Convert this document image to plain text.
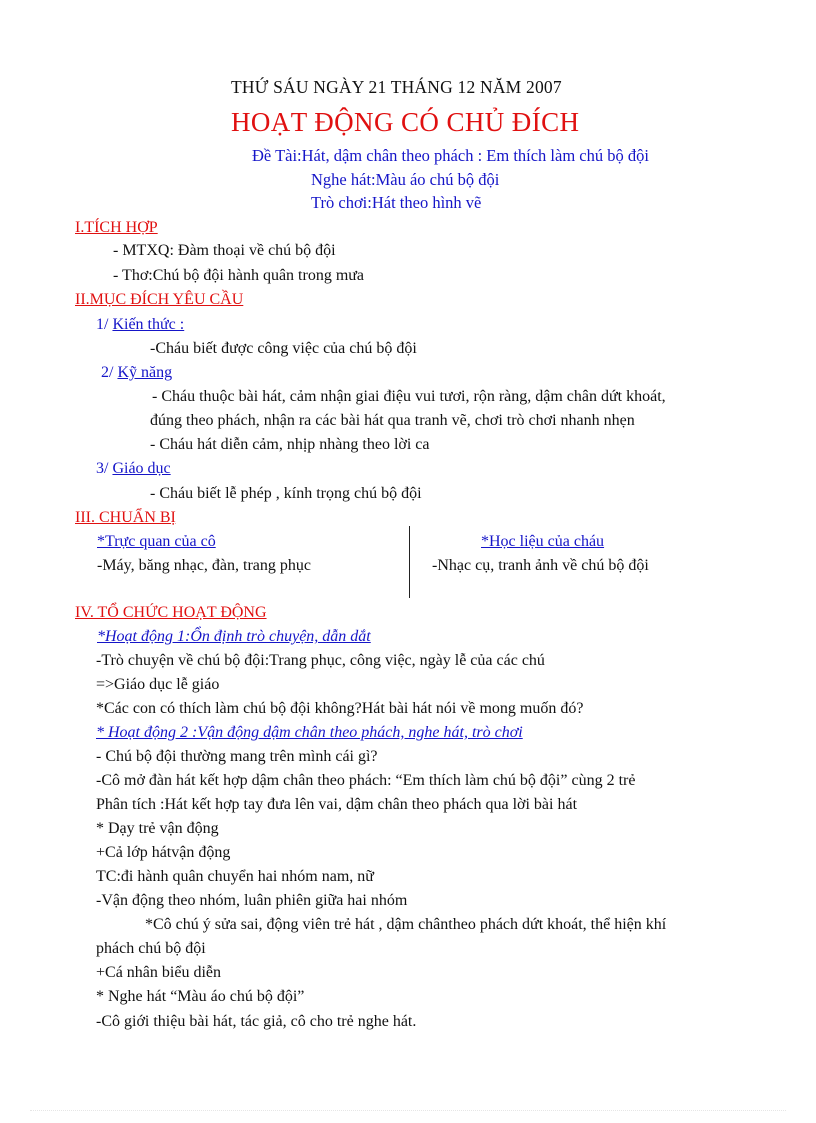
THỨ SÁU NGÀY 21 THÁNG 12 NĂM 2007
HOẠT ĐỘNG CÓ CHỦ ĐÍCH
Đề Tài:Hát, dậm chân theo phách : Em thích làm chú bộ đội
Nghe hát:Màu áo chú bộ đội
Trò chơi:Hát theo hình vẽ
I.TÍCH HỢP
- MTXQ: Đàm thoại về chú bộ đội
- Thơ:Chú bộ đội hành quân trong mưa
II.MỤC ĐÍCH YÊU CẦU
1/ Kiến thức :
-Cháu biết được công việc của chú bộ đội
2/ Kỹ năng
- Cháu thuộc bài hát, cảm nhận giai điệu vui tươi, rộn ràng, dậm chân dứt khoát,
đúng theo phách, nhận ra các bài hát qua tranh vẽ, chơi trò chơi nhanh nhẹn
- Cháu hát diễn cảm, nhịp nhàng theo lời ca
3/ Giáo dục
- Cháu biết lễ phép , kính trọng chú bộ đội
III. CHUẨN BỊ
*Trực quan của cô
-Máy, băng nhạc, đàn, trang phục
*Học liệu của cháu
-Nhạc cụ, tranh ảnh về chú bộ đội
IV. TỔ CHỨC HOẠT ĐỘNG
*Hoạt động 1:Ổn định trò chuyện, dẫn dắt
-Trò chuyện về chú bộ đội:Trang phục, công việc, ngày lễ của các chú
=>Giáo dục lễ giáo
*Các con có thích làm chú bộ đội không?Hát bài hát nói về mong muốn đó?
* Hoạt động 2 :Vận động dậm chân theo phách, nghe hát, trò chơi
- Chú bộ đội thường mang trên mình cái gì?
-Cô mở đàn hát kết hợp dậm chân theo phách: “Em thích làm chú bộ đội” cùng 2 trẻ
Phân tích :Hát kết hợp tay đưa lên vai, dậm chân theo phách qua lời bài hát
* Dạy trẻ vận động
+Cả lớp hátvận động
TC:đi hành quân chuyển hai nhóm nam, nữ
-Vận động theo nhóm, luân phiên giữa hai nhóm
*Cô chú ý sửa sai, động viên trẻ hát , dậm chântheo phách dứt khoát, thể hiện khí
phách chú bộ đội
+Cá nhân biểu diễn
* Nghe hát “Màu áo chú bộ đội”
-Cô giới thiệu bài hát, tác giả, cô cho trẻ nghe hát.
